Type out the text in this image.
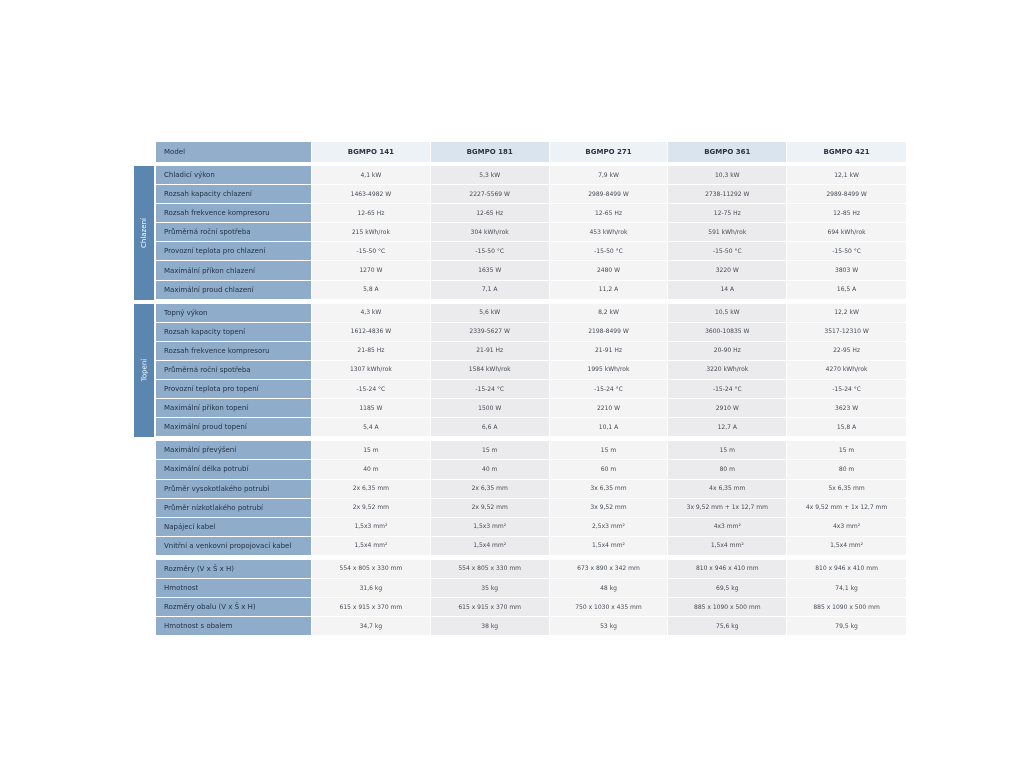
Model	BGMPO 141	BGMPO 181	BGMPO 271	BGMPO 361	BGMPO 421
Chlazení
Chladicí výkon	4,1 kW	5,3 kW	7,9 kW	10,3 kW	12,1 kW
Rozsah kapacity chlazení	1463-4982 W	2227-5569 W	2989-8499 W	2738-11292 W	2989-8499 W
Rozsah frekvence kompresoru	12-65 Hz	12-65 Hz	12-65 Hz	12-75 Hz	12-85 Hz
Průměrná roční spotřeba	215 kWh/rok	304 kWh/rok	453 kWh/rok	591 kWh/rok	694 kWh/rok
Provozní teplota pro chlazení	-15-50 °C	-15-50 °C	-15-50 °C	-15-50 °C	-15-50 °C
Maximální příkon chlazení	1270 W	1635 W	2480 W	3220 W	3803 W
Maximální proud chlazení	5,8 A	7,1 A	11,2 A	14 A	16,5 A
Topení
Topný výkon	4,3 kW	5,6 kW	8,2 kW	10,5 kW	12,2 kW
Rozsah kapacity topení	1612-4836 W	2339-5627 W	2198-8499 W	3600-10835 W	3517-12310 W
Rozsah frekvence kompresoru	21-85 Hz	21-91 Hz	21-91 Hz	20-90 Hz	22-95 Hz
Průměrná roční spotřeba	1307 kWh/rok	1584 kWh/rok	1995 kWh/rok	3220 kWh/rok	4270 kWh/rok
Provozní teplota pro topení	-15-24 °C	-15-24 °C	-15-24 °C	-15-24 °C	-15-24 °C
Maximální příkon topení	1185 W	1500 W	2210 W	2910 W	3623 W
Maximální proud topení	5,4 A	6,6 A	10,1 A	12,7 A	15,8 A
Maximální převýšení	15 m	15 m	15 m	15 m	15 m
Maximální délka potrubí	40 m	40 m	60 m	80 m	80 m
Průměr vysokotlakého potrubí	2x 6,35 mm	2x 6,35 mm	3x 6,35 mm	4x 6,35 mm	5x 6,35 mm
Průměr nízkotlakého potrubí	2x 9,52 mm	2x 9,52 mm	3x 9,52 mm	3x 9,52 mm + 1x 12,7 mm	4x 9,52 mm + 1x 12,7 mm
Napájecí kabel	1,5x3 mm²	1,5x3 mm²	2,5x3 mm²	4x3 mm²	4x3 mm²
Vnitřní a venkovní propojovací kabel	1,5x4 mm²	1,5x4 mm²	1,5x4 mm²	1,5x4 mm²	1,5x4 mm²
Rozměry (V x Š x H)	554 x 805 x 330 mm	554 x 805 x 330 mm	673 x 890 x 342 mm	810 x 946 x 410 mm	810 x 946 x 410 mm
Hmotnost	31,6 kg	35 kg	48 kg	69,5 kg	74,1 kg
Rozměry obalu (V x Š x H)	615 x 915 x 370 mm	615 x 915 x 370 mm	750 x 1030 x 435 mm	885 x 1090 x 500 mm	885 x 1090 x 500 mm
Hmotnost s obalem	34,7 kg	38 kg	53 kg	75,6 kg	79,5 kg
